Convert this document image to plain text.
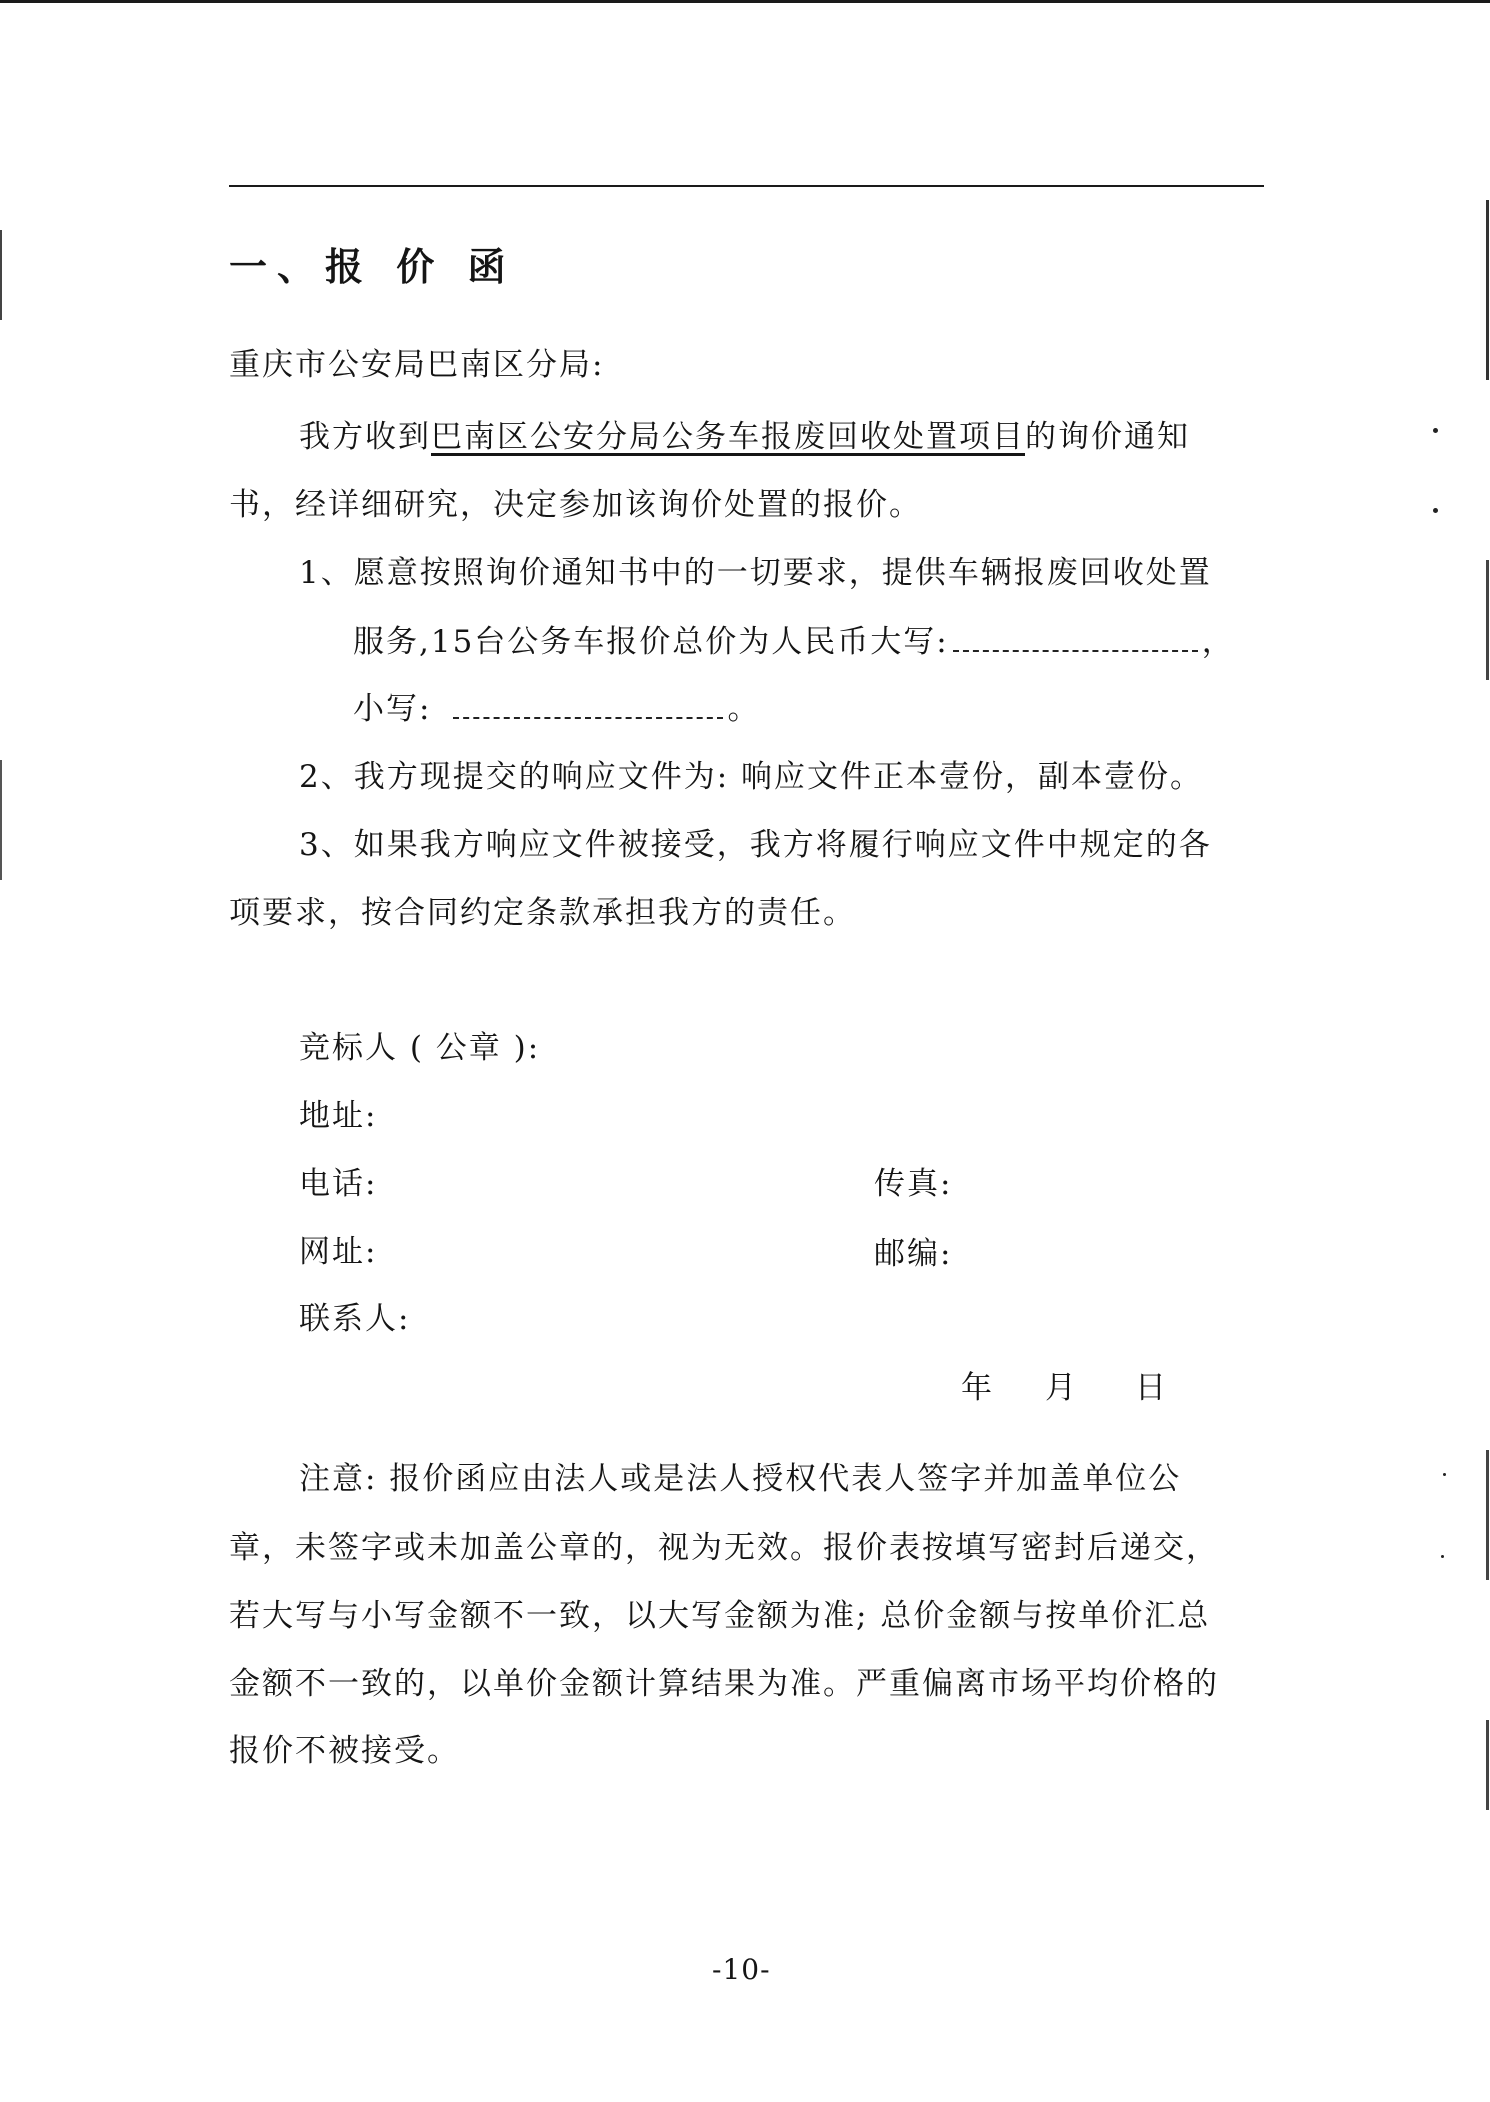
一、报 价 函
重庆市公安局巴南区分局:
我方收到巴南区公安分局公务车报废回收处置项目的询价通知
书，经详细研究，决定参加该询价处置的报价。
1、愿意按照询价通知书中的一切要求，提供车辆报废回收处置
服务,15台公务车报价总价为人民币大写:	，
小写:	。
2、我方现提交的响应文件为: 响应文件正本壹份，副本壹份。
3、如果我方响应文件被接受，我方将履行响应文件中规定的各
项要求，按合同约定条款承担我方的责任。
竞标人 ( 公章 ):
地址:
电话:	传真:
网址:	邮编:
联系人:
年 月 日
注意: 报价函应由法人或是法人授权代表人签字并加盖单位公
章，未签字或未加盖公章的，视为无效。报价表按填写密封后递交，
若大写与小写金额不一致，以大写金额为准; 总价金额与按单价汇总
金额不一致的，以单价金额计算结果为准。严重偏离市场平均价格的
报价不被接受。
-10-
